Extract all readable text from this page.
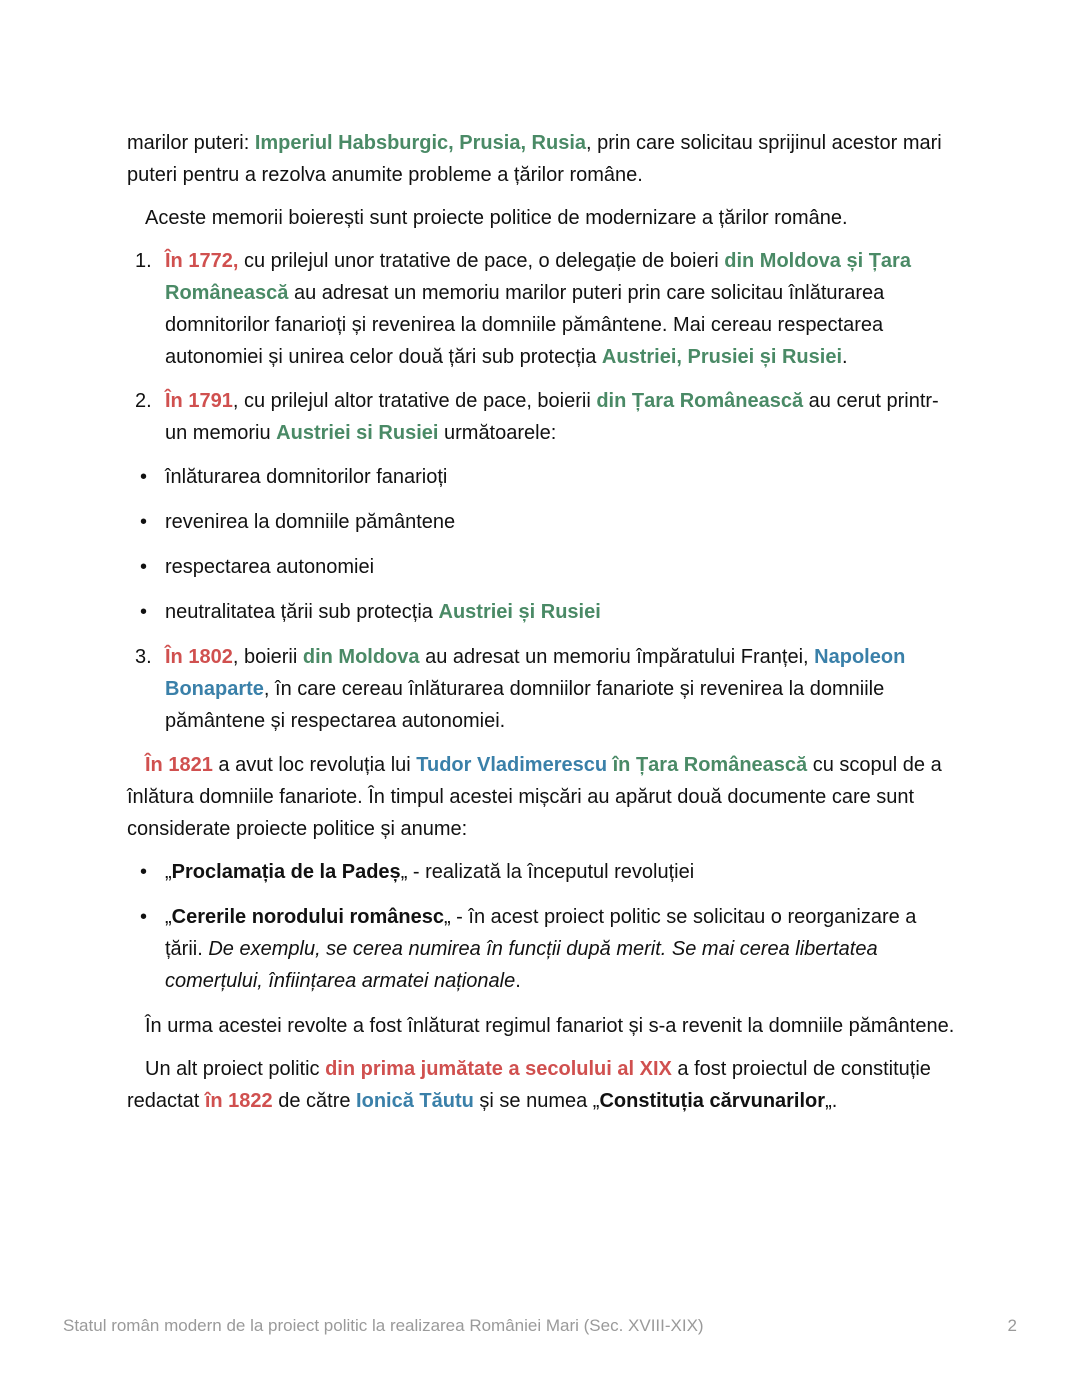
marilor puteri: Imperiul Habsburgic, Prusia, Rusia, prin care solicitau sprijinul acestor mari puteri pentru a rezolva anumite probleme a țărilor române.

Aceste memorii boierești sunt proiecte politice de modernizare a țărilor române.

1. În 1772, cu prilejul unor tratative de pace, o delegație de boieri din Moldova și Țara Românească au adresat un memoriu marilor puteri prin care solicitau înlăturarea domnitorilor fanarioți și revenirea la domniile pământene. Mai cereau respectarea autonomiei și unirea celor două țări sub protecția Austriei, Prusiei și Rusiei.
2. În 1791, cu prilejul altor tratative de pace, boierii din Țara Românească au cerut printr-un memoriu Austriei si Rusiei următoarele:
• înlăturarea domnitorilor fanarioți
• revenirea la domniile pământene
• respectarea autonomiei
• neutralitatea țării sub protecția Austriei și Rusiei
3. În 1802, boierii din Moldova au adresat un memoriu împăratului Franței, Napoleon Bonaparte, în care cereau înlăturarea domniilor fanariote și revenirea la domniile pământene și respectarea autonomiei.

În 1821 a avut loc revoluția lui Tudor Vladimerescu în Țara Românească cu scopul de a înlătura domniile fanariote. În timpul acestei mișcări au apărut două documente care sunt considerate proiecte politice și anume:

• „Proclamația de la Padeș„ - realizată la începutul revoluției
• „Cererile norodului românesc„ - în acest proiect politic se solicitau o reorganizare a țării. De exemplu, se cerea numirea în funcții după merit. Se mai cerea libertatea comerțului, înființarea armatei naționale.

În urma acestei revolte a fost înlăturat regimul fanariot și s-a revenit la domniile pământene.

Un alt proiect politic din prima jumătate a secolului al XIX a fost proiectul de constituție redactat în 1822 de către Ionică Tăutu și se numea „Constituția cărvunarilor„.

Statul român modern de la proiect politic la realizarea României Mari (Sec. XVIII-XIX)	2
